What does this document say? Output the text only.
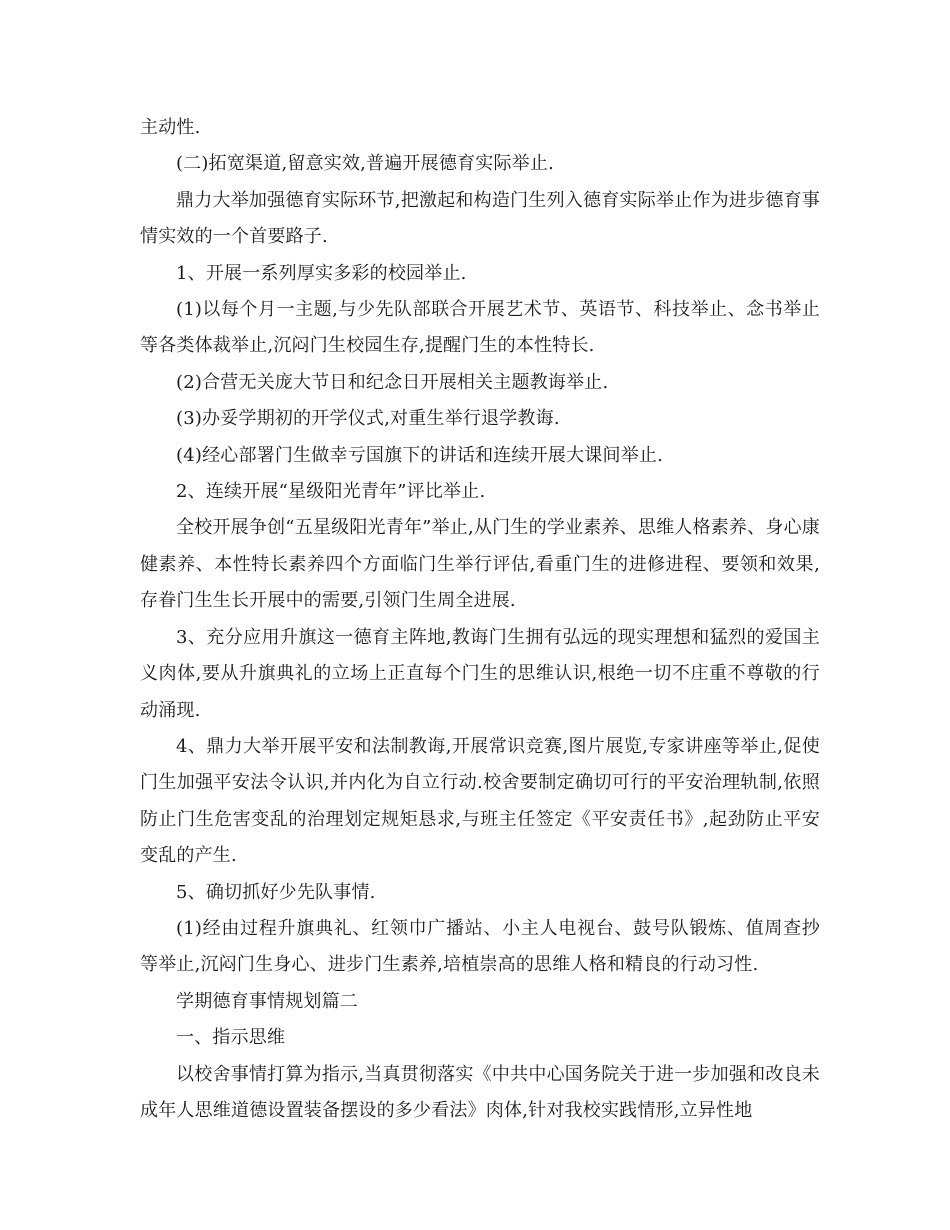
主动性.

(二)拓宽渠道,留意实效,普遍开展德育实际举止.

鼎力大举加强德育实际环节,把激起和构造门生列入德育实际举止作为进步德育事情实效的一个首要路子.

1、开展一系列厚实多彩的校园举止.

(1)以每个月一主题,与少先队部联合开展艺术节、英语节、科技举止、念书举止等各类体裁举止,沉闷门生校园生存,提醒门生的本性特长.

(2)合营无关庞大节日和纪念日开展相关主题教诲举止.

(3)办妥学期初的开学仪式,对重生举行退学教诲.

(4)经心部署门生做幸亏国旗下的讲话和连续开展大课间举止.

2、连续开展“星级阳光青年”评比举止.

全校开展争创“五星级阳光青年”举止,从门生的学业素养、思维人格素养、身心康健素养、本性特长素养四个方面临门生举行评估,看重门生的进修进程、要领和效果,存眷门生生长开展中的需要,引领门生周全进展.

3、充分应用升旗这一德育主阵地,教诲门生拥有弘远的现实理想和猛烈的爱国主义肉体,要从升旗典礼的立场上正直每个门生的思维认识,根绝一切不庄重不尊敬的行动涌现.

4、鼎力大举开展平安和法制教诲,开展常识竞赛,图片展览,专家讲座等举止,促使门生加强平安法令认识,并内化为自立行动.校舍要制定确切可行的平安治理轨制,依照防止门生危害变乱的治理划定规矩恳求,与班主任签定《平安责任书》,起劲防止平安变乱的产生.

5、确切抓好少先队事情.

(1)经由过程升旗典礼、红领巾广播站、小主人电视台、鼓号队锻炼、值周查抄等举止,沉闷门生身心、进步门生素养,培植崇高的思维人格和精良的行动习性.

学期德育事情规划篇二

一、指示思维

以校舍事情打算为指示,当真贯彻落实《中共中心国务院关于进一步加强和改良未成年人思维道德设置装备摆设的多少看法》肉体,针对我校实践情形,立异性地
